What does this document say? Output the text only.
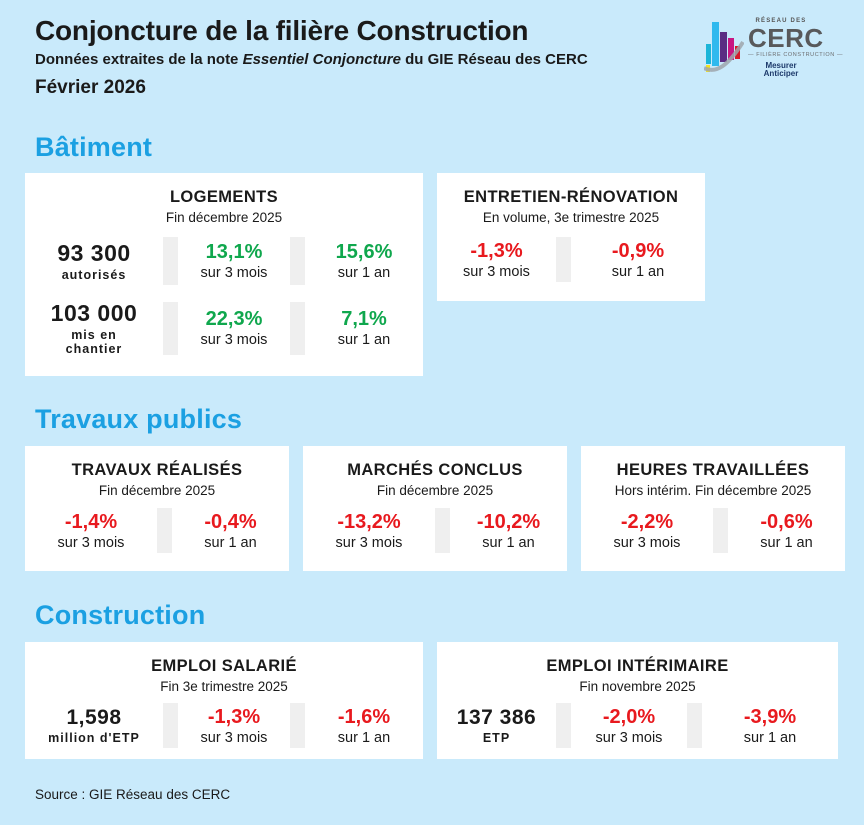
Conjoncture de la filière Construction
Données extraites de la note Essentiel Conjoncture du GIE Réseau des CERC
Février 2026
RÉSEAU DES
CERC
— FILIÈRE CONSTRUCTION —
Mesurer Anticiper
Bâtiment
LOGEMENTS
Fin décembre 2025
93 300
autorisés
13,1%
sur 3 mois
15,6%
sur 1 an
103 000
mis en chantier
22,3%
sur 3 mois
7,1%
sur 1 an
ENTRETIEN-RÉNOVATION
En volume, 3e trimestre 2025
-1,3%
sur 3 mois
-0,9%
sur 1 an
Travaux publics
TRAVAUX RÉALISÉS
Fin décembre 2025
-1,4%
sur 3 mois
-0,4%
sur 1 an
MARCHÉS CONCLUS
Fin décembre 2025
-13,2%
sur 3 mois
-10,2%
sur 1 an
HEURES TRAVAILLÉES
Hors intérim. Fin décembre 2025
-2,2%
sur 3 mois
-0,6%
sur 1 an
Construction
EMPLOI SALARIÉ
Fin 3e trimestre 2025
1,598
million d'ETP
-1,3%
sur 3 mois
-1,6%
sur 1 an
EMPLOI INTÉRIMAIRE
Fin novembre 2025
137 386
ETP
-2,0%
sur 3 mois
-3,9%
sur 1 an
Source : GIE Réseau des CERC
